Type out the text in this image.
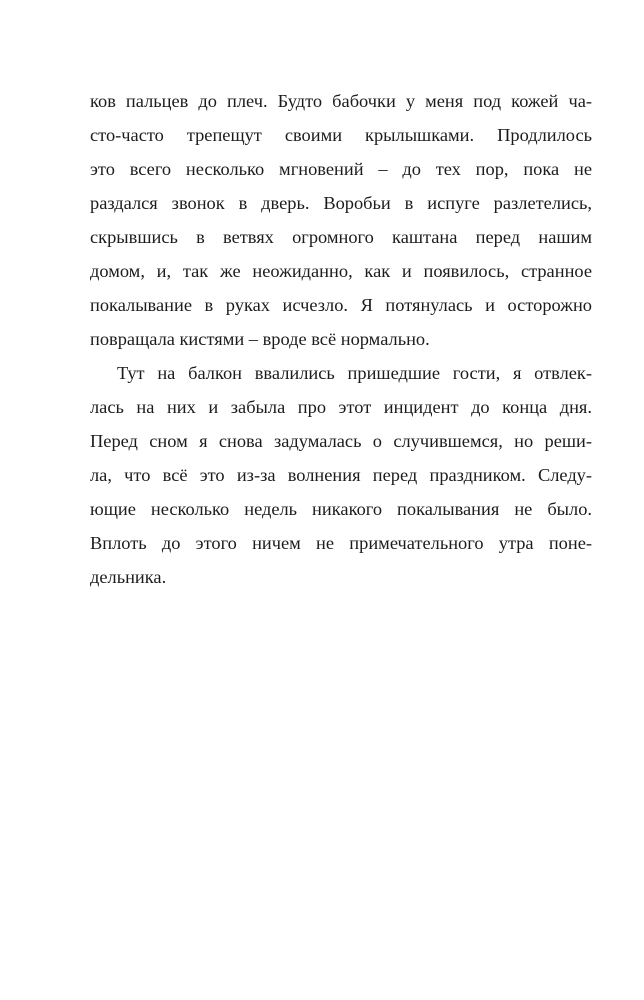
ков пальцев до плеч. Будто бабочки у меня под кожей ча-
сто-часто трепещут своими крылышками. Продлилось
это всего несколько мгновений – до тех пор, пока не
раздался звонок в дверь. Воробьи в испуге разлетелись,
скрывшись в ветвях огромного каштана перед нашим
домом, и, так же неожиданно, как и появилось, странное
покалывание в руках исчезло. Я потянулась и осторожно
повращала кистями – вроде всё нормально.
Тут на балкон ввалились пришедшие гости, я отвлек-
лась на них и забыла про этот инцидент до конца дня.
Перед сном я снова задумалась о случившемся, но реши-
ла, что всё это из-за волнения перед праздником. Следу-
ющие несколько недель никакого покалывания не было.
Вплоть до этого ничем не примечательного утра поне-
дельника.
